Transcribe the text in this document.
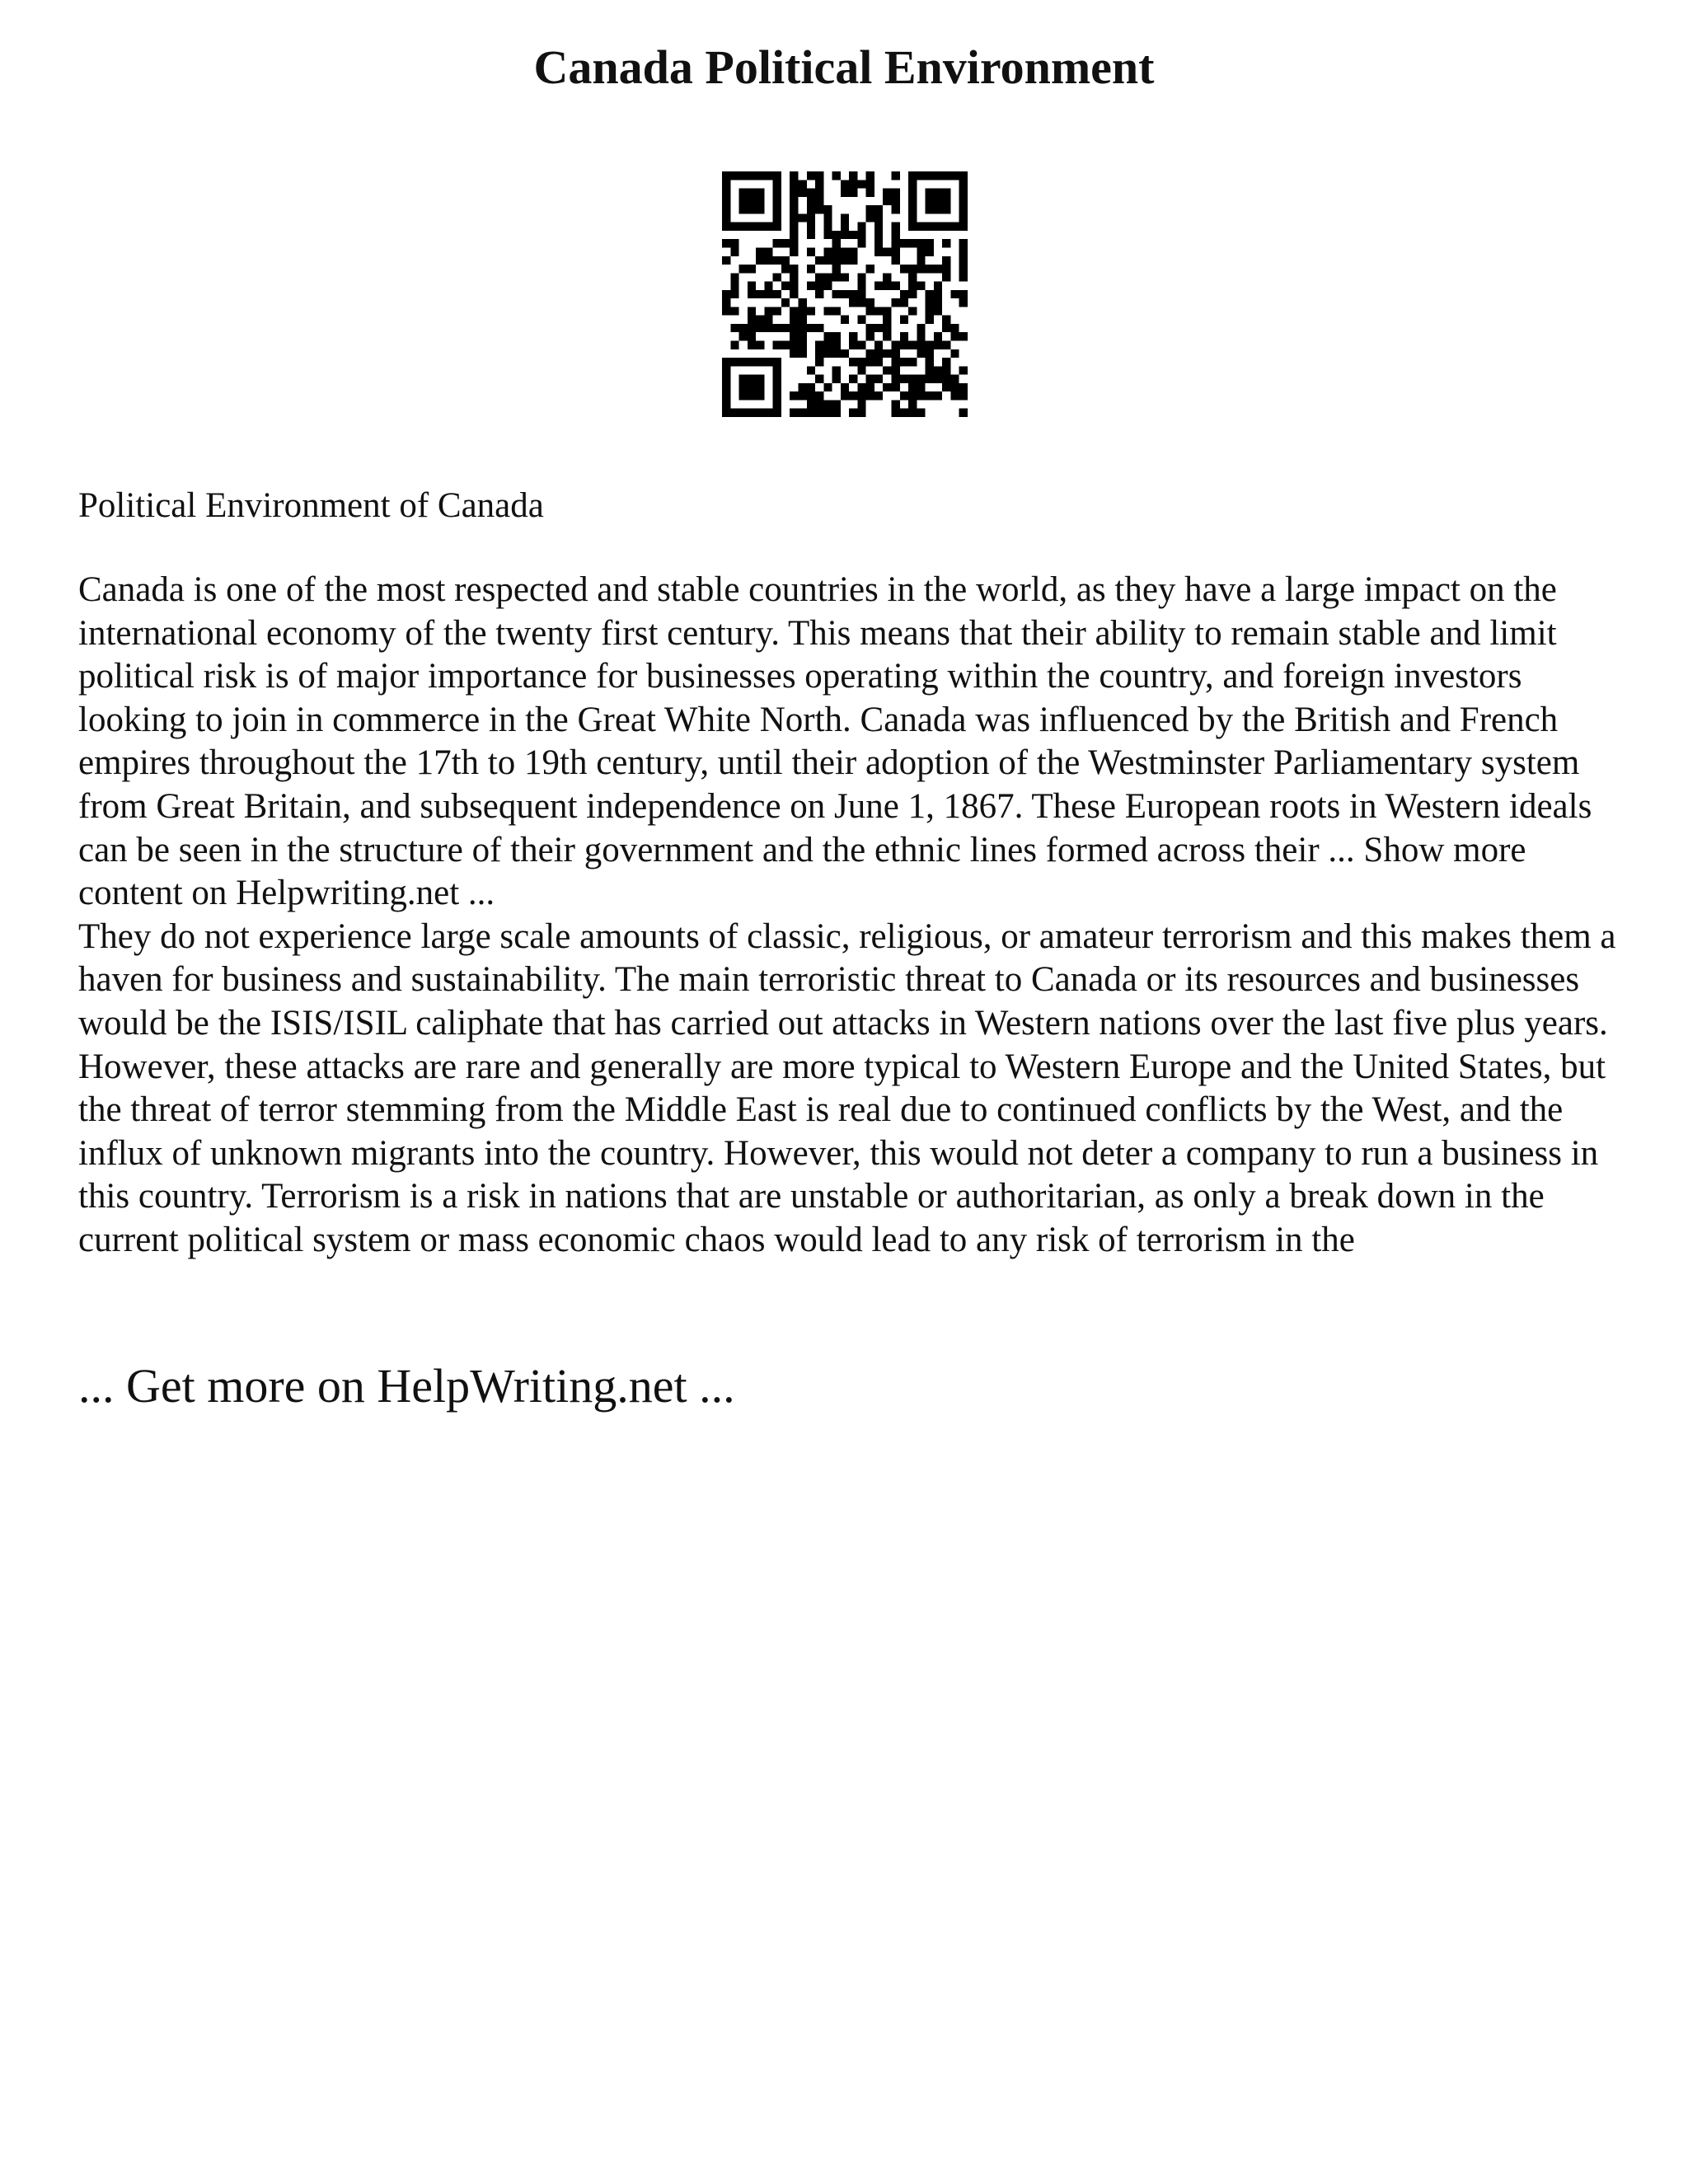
Canada Political Environment

Political Environment of Canada

Canada is one of the most respected and stable countries in the world, as they have a large impact on the international economy of the twenty first century. This means that their ability to remain stable and limit political risk is of major importance for businesses operating within the country, and foreign investors looking to join in commerce in the Great White North. Canada was influenced by the British and French empires throughout the 17th to 19th century, until their adoption of the Westminster Parliamentary system from Great Britain, and subsequent independence on June 1, 1867. These European roots in Western ideals can be seen in the structure of their government and the ethnic lines formed across their ... Show more content on Helpwriting.net ...

They do not experience large scale amounts of classic, religious, or amateur terrorism and this makes them a haven for business and sustainability. The main terroristic threat to Canada or its resources and businesses would be the ISIS/ISIL caliphate that has carried out attacks in Western nations over the last five plus years. However, these attacks are rare and generally are more typical to Western Europe and the United States, but the threat of terror stemming from the Middle East is real due to continued conflicts by the West, and the influx of unknown migrants into the country. However, this would not deter a company to run a business in this country. Terrorism is a risk in nations that are unstable or authoritarian, as only a break down in the current political system or mass economic chaos would lead to any risk of terrorism in the

... Get more on HelpWriting.net ...
